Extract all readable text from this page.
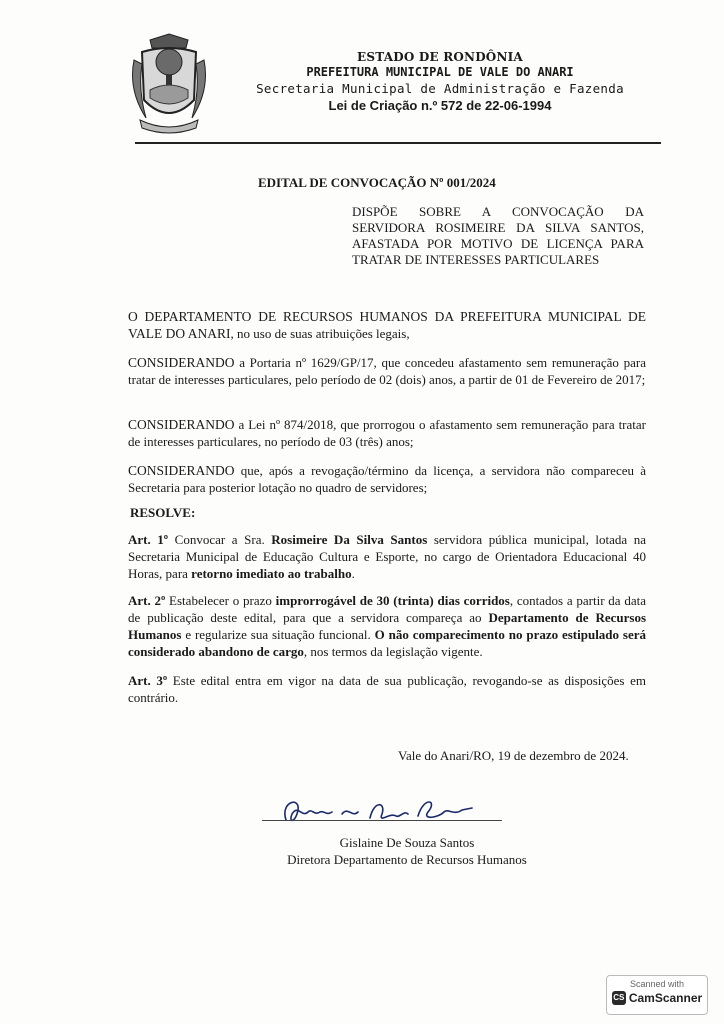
ESTADO DE RONDÔNIA
PREFEITURA MUNICIPAL DE VALE DO ANARI
Secretaria Municipal de Administração e Fazenda
Lei de Criação n.º 572 de 22-06-1994
EDITAL DE CONVOCAÇÃO Nº 001/2024
DISPÕE SOBRE A CONVOCAÇÃO DA SERVIDORA ROSIMEIRE DA SILVA SANTOS, AFASTADA POR MOTIVO DE LICENÇA PARA TRATAR DE INTERESSES PARTICULARES
O DEPARTAMENTO DE RECURSOS HUMANOS DA PREFEITURA MUNICIPAL DE VALE DO ANARI, no uso de suas atribuições legais,
CONSIDERANDO a Portaria nº 1629/GP/17, que concedeu afastamento sem remuneração para tratar de interesses particulares, pelo período de 02 (dois) anos, a partir de 01 de Fevereiro de 2017;
CONSIDERANDO a Lei nº 874/2018, que prorrogou o afastamento sem remuneração para tratar de interesses particulares, no período de 03 (três) anos;
CONSIDERANDO que, após a revogação/término da licença, a servidora não compareceu à Secretaria para posterior lotação no quadro de servidores;
RESOLVE:
Art. 1º Convocar a Sra. Rosimeire Da Silva Santos servidora pública municipal, lotada na Secretaria Municipal de Educação Cultura e Esporte, no cargo de Orientadora Educacional 40 Horas, para retorno imediato ao trabalho.
Art. 2º Estabelecer o prazo improrrogável de 30 (trinta) dias corridos, contados a partir da data de publicação deste edital, para que a servidora compareça ao Departamento de Recursos Humanos e regularize sua situação funcional. O não comparecimento no prazo estipulado será considerado abandono de cargo, nos termos da legislação vigente.
Art. 3º Este edital entra em vigor na data de sua publicação, revogando-se as disposições em contrário.
Vale do Anari/RO, 19 de dezembro de 2024.
Gislaine De Souza Santos
Diretora Departamento de Recursos Humanos
Scanned with
CS CamScanner
